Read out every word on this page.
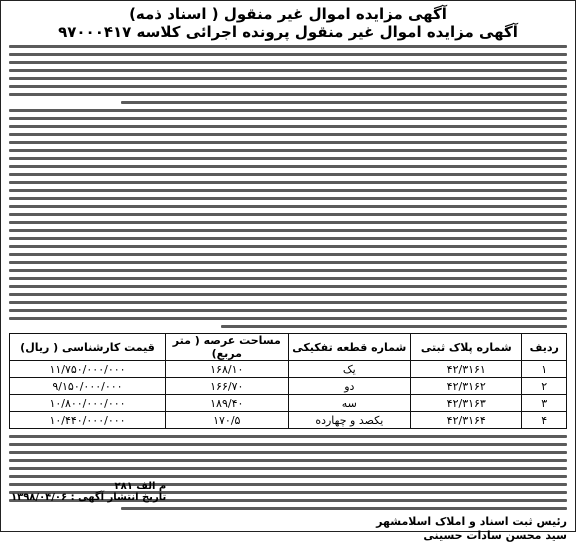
آگهی مزایده اموال غیر منقول ( اسناد ذمه)
آگهی مزایده اموال غیر منقول پرونده اجرائی کلاسه ۹۷۰۰۰۴۱۷
ردیف	شماره پلاک ثبتی	شماره قطعه تفکیکی	مساحت عرصه ( متر مربع)	قیمت کارشناسی ( ریال)
۱	۴۲/۳۱۶۱	یک	۱۶۸/۱۰	۱۱/۷۵۰/۰۰۰/۰۰۰
۲	۴۲/۳۱۶۲	دو	۱۶۶/۷۰	۹/۱۵۰/۰۰۰/۰۰۰
۳	۴۲/۳۱۶۳	سه	۱۸۹/۴۰	۱۰/۸۰۰/۰۰۰/۰۰۰
۴	۴۲/۳۱۶۴	یکصد و چهارده	۱۷۰/۵	۱۰/۴۴۰/۰۰۰/۰۰۰
رئیس ثبت اسناد و املاک اسلامشهر
سید محسن سادات حسینی
م الف ۲۸۱
تاریخ انتشار آگهی : ۱۳۹۸/۰۴/۰۶
